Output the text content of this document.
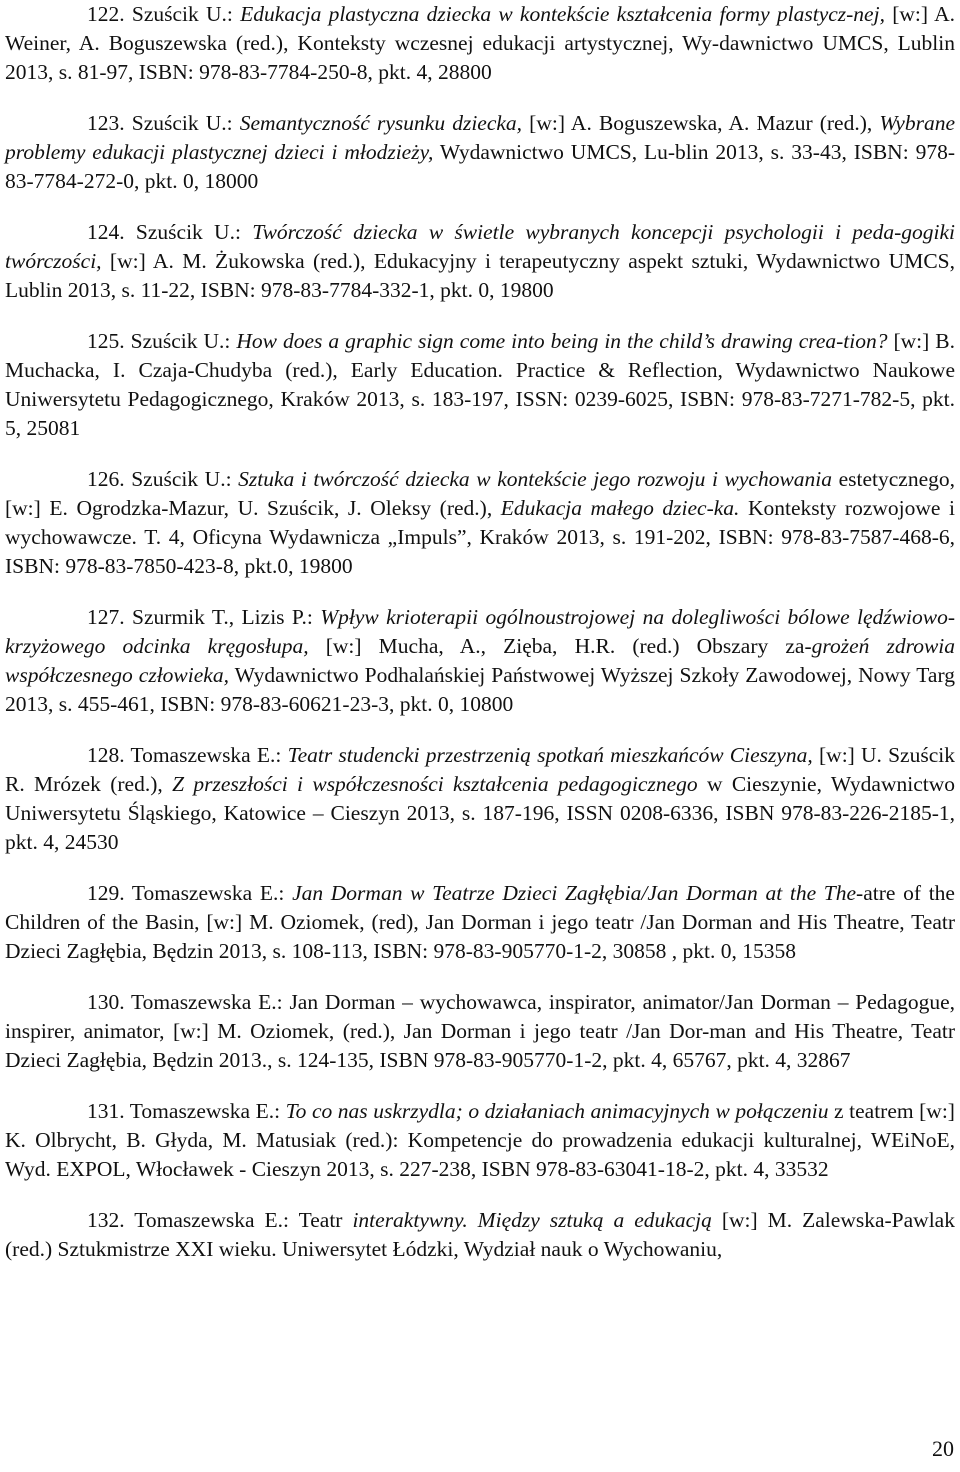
122. Szuścik U.: Edukacja plastyczna dziecka w kontekście kształcenia formy plastycz-nej, [w:] A. Weiner, A. Boguszewska (red.), Konteksty wczesnej edukacji artystycznej, Wy-dawnictwo UMCS, Lublin 2013, s. 81-97, ISBN: 978-83-7784-250-8, pkt. 4, 28800

123. Szuścik U.: Semantyczność rysunku dziecka, [w:] A. Boguszewska, A. Mazur (red.), Wybrane problemy edukacji plastycznej dzieci i młodzieży, Wydawnictwo UMCS, Lu-blin 2013, s. 33-43, ISBN: 978-83-7784-272-0, pkt. 0, 18000

124. Szuścik U.: Twórczość dziecka w świetle wybranych koncepcji psychologii i peda-gogiki twórczości, [w:] A. M. Żukowska (red.), Edukacyjny i terapeutyczny aspekt sztuki, Wydawnictwo UMCS, Lublin 2013, s. 11-22, ISBN: 978-83-7784-332-1, pkt. 0, 19800

125. Szuścik U.: How does a graphic sign come into being in the child’s drawing crea-tion? [w:] B. Muchacka, I. Czaja-Chudyba (red.), Early Education. Practice & Reflection, Wydawnictwo Naukowe Uniwersytetu Pedagogicznego, Kraków 2013, s. 183-197, ISSN: 0239-6025, ISBN: 978-83-7271-782-5, pkt. 5, 25081

126. Szuścik U.: Sztuka i twórczość dziecka w kontekście jego rozwoju i wychowania estetycznego, [w:] E. Ogrodzka-Mazur, U. Szuścik, J. Oleksy (red.), Edukacja małego dziec-ka. Konteksty rozwojowe i wychowawcze. T. 4, Oficyna Wydawnicza „Impuls”, Kraków 2013, s. 191-202, ISBN: 978-83-7587-468-6, ISBN: 978-83-7850-423-8, pkt.0, 19800

127. Szurmik T., Lizis P.: Wpływ krioterapii ogólnoustrojowej na dolegliwości bólowe lędźwiowo-krzyżowego odcinka kręgosłupa, [w:] Mucha, A., Zięba, H.R. (red.) Obszary za-grożeń zdrowia współczesnego człowieka, Wydawnictwo Podhalańskiej Państwowej Wyższej Szkoły Zawodowej, Nowy Targ 2013, s. 455-461, ISBN: 978-83-60621-23-3, pkt. 0, 10800

128. Tomaszewska E.: Teatr studencki przestrzenią spotkań mieszkańców Cieszyna, [w:] U. Szuścik R. Mrózek (red.), Z przeszłości i współczesności kształcenia pedagogicznego w Cieszynie, Wydawnictwo Uniwersytetu Śląskiego, Katowice – Cieszyn 2013, s. 187-196, ISSN 0208-6336, ISBN 978-83-226-2185-1, pkt. 4, 24530

129. Tomaszewska E.: Jan Dorman w Teatrze Dzieci Zagłębia/Jan Dorman at the The-atre of the Children of the Basin, [w:] M. Oziomek, (red), Jan Dorman i jego teatr /Jan Dorman and His Theatre, Teatr Dzieci Zagłębia, Będzin 2013, s. 108-113, ISBN: 978-83-905770-1-2, 30858 , pkt. 0, 15358

130. Tomaszewska E.: Jan Dorman – wychowawca, inspirator, animator/Jan Dorman – Pedagogue, inspirer, animator, [w:] M. Oziomek, (red.), Jan Dorman i jego teatr /Jan Dor-man and His Theatre, Teatr Dzieci Zagłębia, Będzin 2013., s. 124-135, ISBN 978-83-905770-1-2, pkt. 4, 65767, pkt. 4, 32867

131. Tomaszewska E.: To co nas uskrzydla; o działaniach animacyjnych w połączeniu z teatrem [w:] K. Olbrycht, B. Głyda, M. Matusiak (red.): Kompetencje do prowadzenia edukacji kulturalnej, WEiNoE, Wyd. EXPOL, Włocławek - Cieszyn 2013, s. 227-238, ISBN 978-83-63041-18-2, pkt. 4, 33532

132. Tomaszewska E.: Teatr interaktywny. Między sztuką a edukacją [w:] M. Zalewska-Pawlak (red.) Sztukmistrze XXI wieku. Uniwersytet Łódzki, Wydział nauk o Wychowaniu,

20
